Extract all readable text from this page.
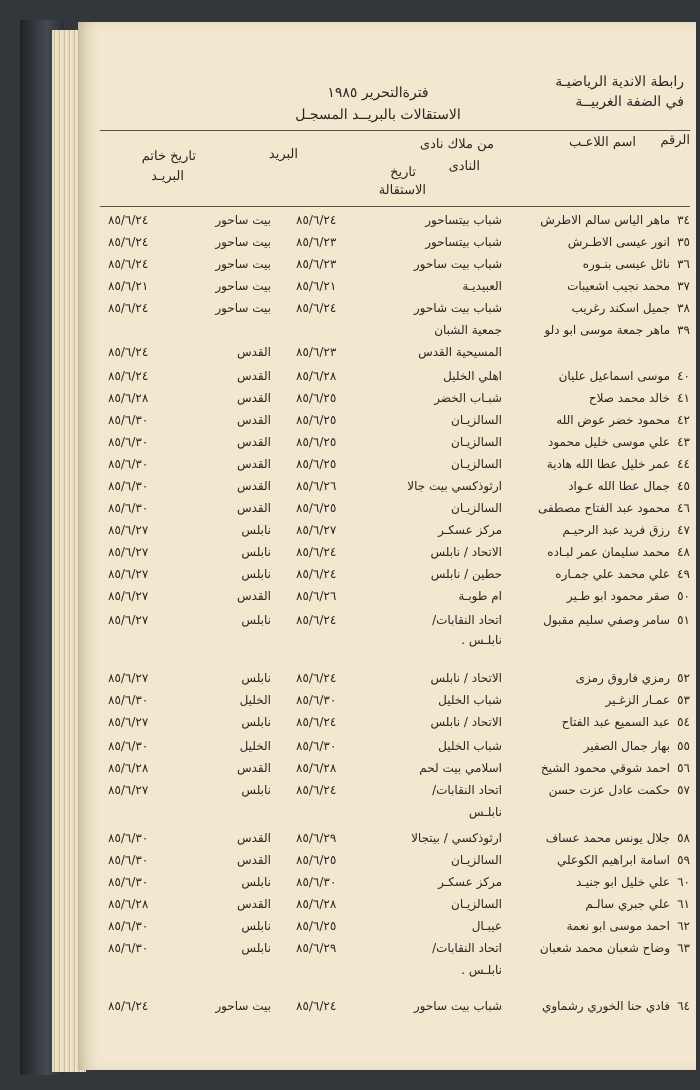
رابطة الاندية الرياضيـة
في الضفة الغربيــة
فترةالتحرير ١٩٨٥
الاستقالات بالبريــد المسجـل
الرقم
اسم اللاعـب
من ملاك نادى
النادى
تاريخ
الاستقالة
البريد
تاريخ خاتم
البريـد
٣٤
ماهر الياس سالم الاطرش
شباب بيتساحور
٨٥/٦/٢٤
بيت ساحور
٨٥/٦/٢٤
٣٥
انور عيسى الاطـرش
شباب بيتساحور
٨٥/٦/٢٣
بيت ساحور
٨٥/٦/٢٤
٣٦
نائل عيسى بنـوره
شباب بيت ساحور
٨٥/٦/٢٣
بيت ساحور
٨٥/٦/٢٤
٣٧
محمد نجيب اشعيبات
العبيديـة
٨٥/٦/٢١
بيت ساحور
٨٥/٦/٢١
٣٨
جميل اسكند رغريب
شباب بيت شاحور
٨٥/٦/٢٤
بيت ساحور
٨٥/٦/٢٤
٣٩
ماهر جمعة موسى ابو دلو
جمعية الشبان
المسيحية القدس
٨٥/٦/٢٣
القدس
٨٥/٦/٢٤
٤٠
موسى اسماعيل عليان
اهلي الخليل
٨٥/٦/٢٨
القدس
٨٥/٦/٢٤
٤١
خالد محمد صلاح
شبـاب الخضر
٨٥/٦/٢٥
القدس
٨٥/٦/٢٨
٤٢
محمود خضر عوض الله
السالزيـان
٨٥/٦/٢٥
القدس
٨٥/٦/٣٠
٤٣
علي موسى خليل محمود
السالزيـان
٨٥/٦/٢٥
القدس
٨٥/٦/٣٠
٤٤
عمر خليل عطا الله هادية
السالزيـان
٨٥/٦/٢٥
القدس
٨٥/٦/٣٠
٤٥
جمال عطا الله عـواد
ارثوذكسي بيت جالا
٨٥/٦/٢٦
القدس
٨٥/٦/٣٠
٤٦
محمود عبد الفتاح مصطفى
السالزيـان
٨٥/٦/٢٥
القدس
٨٥/٦/٣٠
٤٧
رزق فريد عبد الرحيـم
مركز عسكـر
٨٥/٦/٢٧
نابلس
٨٥/٦/٢٧
٤٨
محمد سليمان عمر لبـاده
الاتحاد / نابلس
٨٥/٦/٢٤
نابلس
٨٥/٦/٢٧
٤٩
علي محمد علي جمـاره
حطين / نابلس
٨٥/٦/٢٤
نابلس
٨٥/٦/٢٧
٥٠
صقر محمود ابو طـير
ام طوبـة
٨٥/٦/٢٦
القدس
٨٥/٦/٢٧
٥١
سامر وصفي سليم مقبول
اتحاد النقابات/
٨٥/٦/٢٤
نابلس
٨٥/٦/٢٧
نابلـس .
٥٢
رمزي فاروق رمزى
الاتحاد / نابلس
٨٥/٦/٢٤
نابلس
٨٥/٦/٢٧
٥٣
عمـار الزغـير
شباب الخليل
٨٥/٦/٣٠
الخليل
٨٥/٦/٣٠
٥٤
عبد السميع عبد الفتاح
الاتحاد / نابلس
٨٥/٦/٢٤
نابلس
٨٥/٦/٢٧
٥٥
بهار جمال الصفير
شباب الخليل
٨٥/٦/٣٠
الخليل
٨٥/٦/٣٠
٥٦
احمد شوقي محمود الشيخ
اسلامي بيت لحم
٨٥/٦/٢٨
القدس
٨٥/٦/٢٨
٥٧
حكمت عادل عزت حسن
اتحاد النقابات/
٨٥/٦/٢٤
نابلس
٨٥/٦/٢٧
نابلـس
٥٨
جلال يونس محمد عساف
ارثوذكسي / بيتجالا
٨٥/٦/٢٩
القدس
٨٥/٦/٣٠
٥٩
اسامة ابراهيم الكوعلي
السالزيـان
٨٥/٦/٢٥
القدس
٨٥/٦/٣٠
٦٠
علي خليل ابو جنيـد
مركز عسكـر
٨٥/٦/٣٠
نابلس
٨٥/٦/٣٠
٦١
علي جبري سالـم
السالزيـان
٨٥/٦/٢٨
القدس
٨٥/٦/٢٨
٦٢
احمد موسى ابو نعمة
عيبـال
٨٥/٦/٢٥
نابلس
٨٥/٦/٣٠
٦٣
وضاح شعبان محمد شعبان
اتحاد النقابات/
٨٥/٦/٢٩
نابلس
٨٥/٦/٣٠
نابلـس .
٦٤
فادي حنا الخوري رشماوي
شباب بيت ساحور
٨٥/٦/٢٤
بيت ساحور
٨٥/٦/٢٤
